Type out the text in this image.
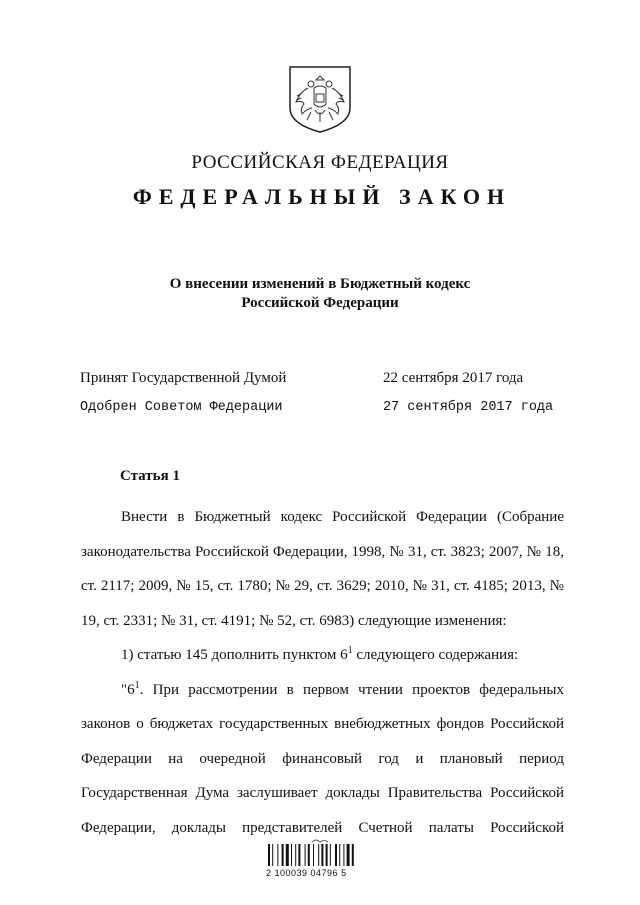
РОССИЙСКАЯ ФЕДЕРАЦИЯ
ФЕДЕРАЛЬНЫЙ ЗАКОН
О внесении изменений в Бюджетный кодекс
Российской Федерации
Принят Государственной Думой	22 сентября 2017 года
Одобрен Советом Федерации	27 сентября 2017 года
Статья 1

Внести в Бюджетный кодекс Российской Федерации (Собрание законодательства Российской Федерации, 1998, № 31, ст. 3823; 2007, № 18, ст. 2117; 2009, № 15, ст. 1780; № 29, ст. 3629; 2010, № 31, ст. 4185; 2013, № 19, ст. 2331; № 31, ст. 4191; № 52, ст. 6983) следующие изменения:

1) статью 145 дополнить пунктом $6^1$ следующего содержания:

"$6^1$. При рассмотрении в первом чтении проектов федеральных законов о бюджетах государственных внебюджетных фондов Российской Федерации на очередной финансовый год и плановый период Государственная Дума заслушивает доклады Правительства Российской Федерации, доклады представителей Счетной палаты Российской

2 100039 04796 5
